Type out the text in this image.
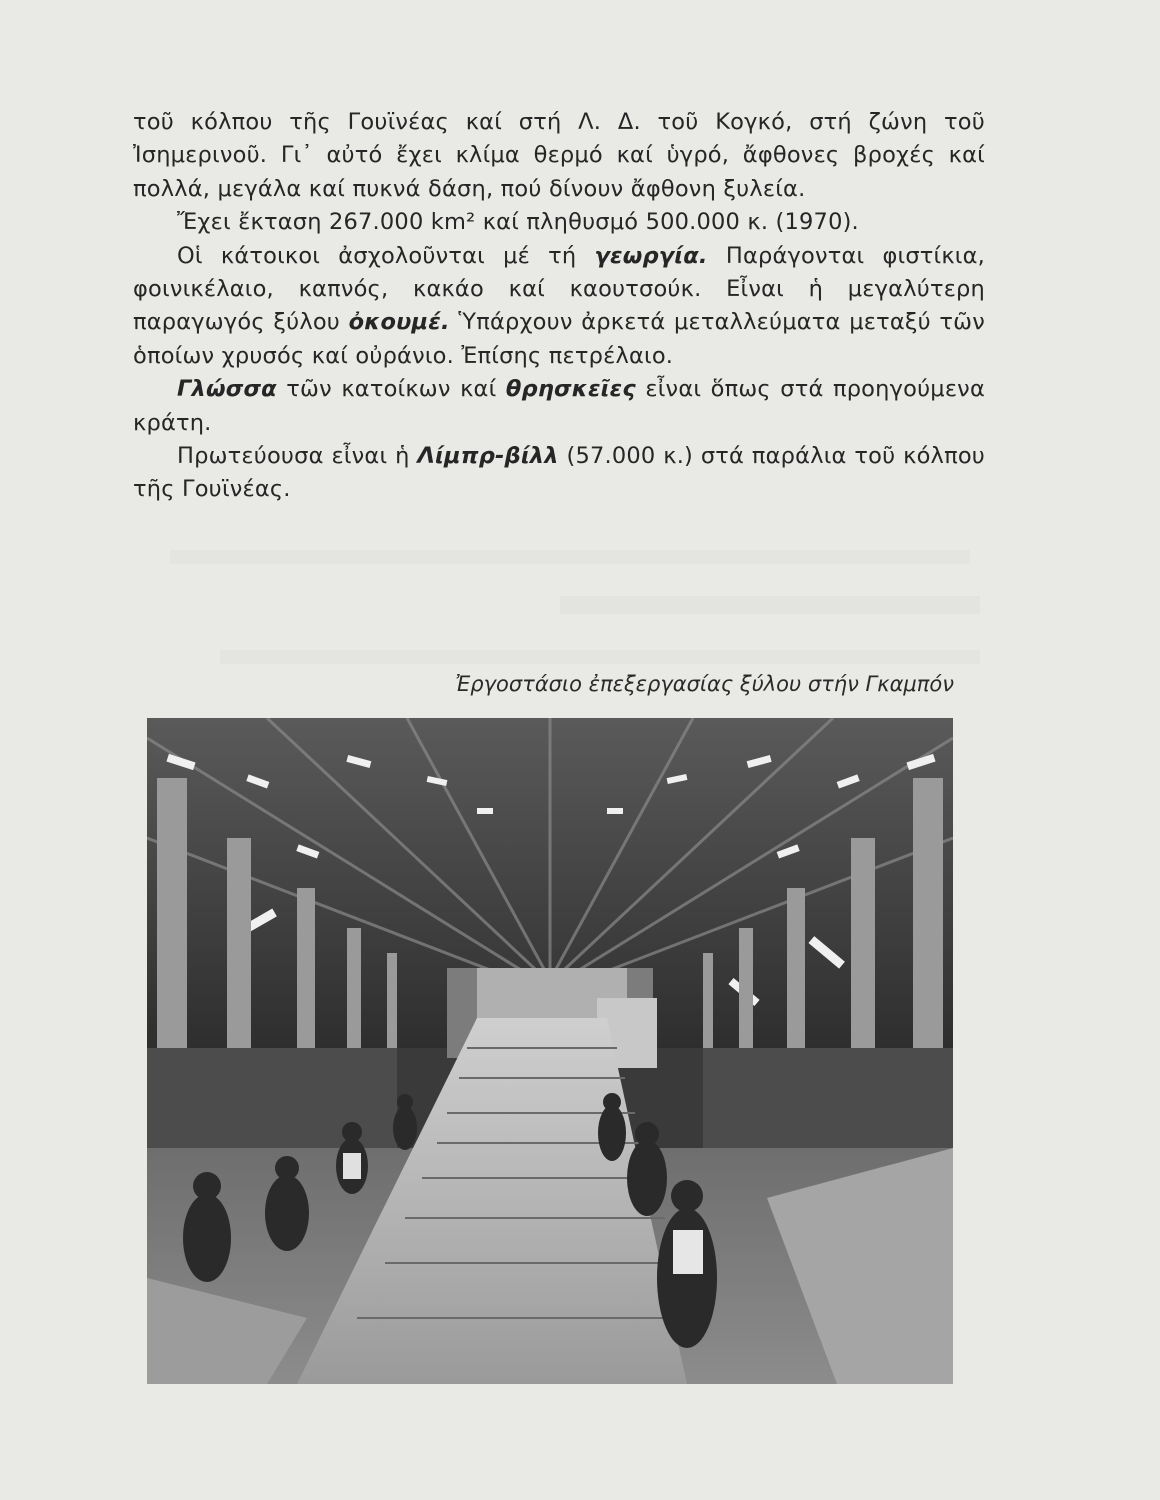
τοῦ κόλπου τῆς Γουϊνέας καί στή Λ. Δ. τοῦ Κογκό, στή ζώνη τοῦ Ἰσημερινοῦ. Γι᾿ αὐτό ἔχει κλίμα θερμό καί ὑγρό, ἄφθονες βροχές καί πολλά, μεγάλα καί πυκνά δάση, πού δίνουν ἄφθονη ξυλεία.

Ἔχει ἔκταση 267.000 km² καί πληθυσμό 500.000 κ. (1970).

Οἱ κάτοικοι ἀσχολοῦνται μέ τή γεωργία. Παράγονται φιστίκια, φοινικέλαιο, καπνός, κακάο καί καουτσούκ. Εἶναι ἡ μεγαλύτερη παραγωγός ξύλου ὀκουμέ. Ὑπάρχουν ἀρκετά μεταλλεύματα μεταξύ τῶν ὁποίων χρυσός καί οὐράνιο. Ἐπίσης πετρέλαιο.

Γλώσσα τῶν κατοίκων καί θρησκεῖες εἶναι ὅπως στά προηγούμενα κράτη.

Πρωτεύουσα εἶναι ἡ Λίμπρ-βίλλ (57.000 κ.) στά παράλια τοῦ κόλπου τῆς Γουϊνέας.

Ἐργοστάσιο ἐπεξεργασίας ξύλου στήν Γκαμπόν
